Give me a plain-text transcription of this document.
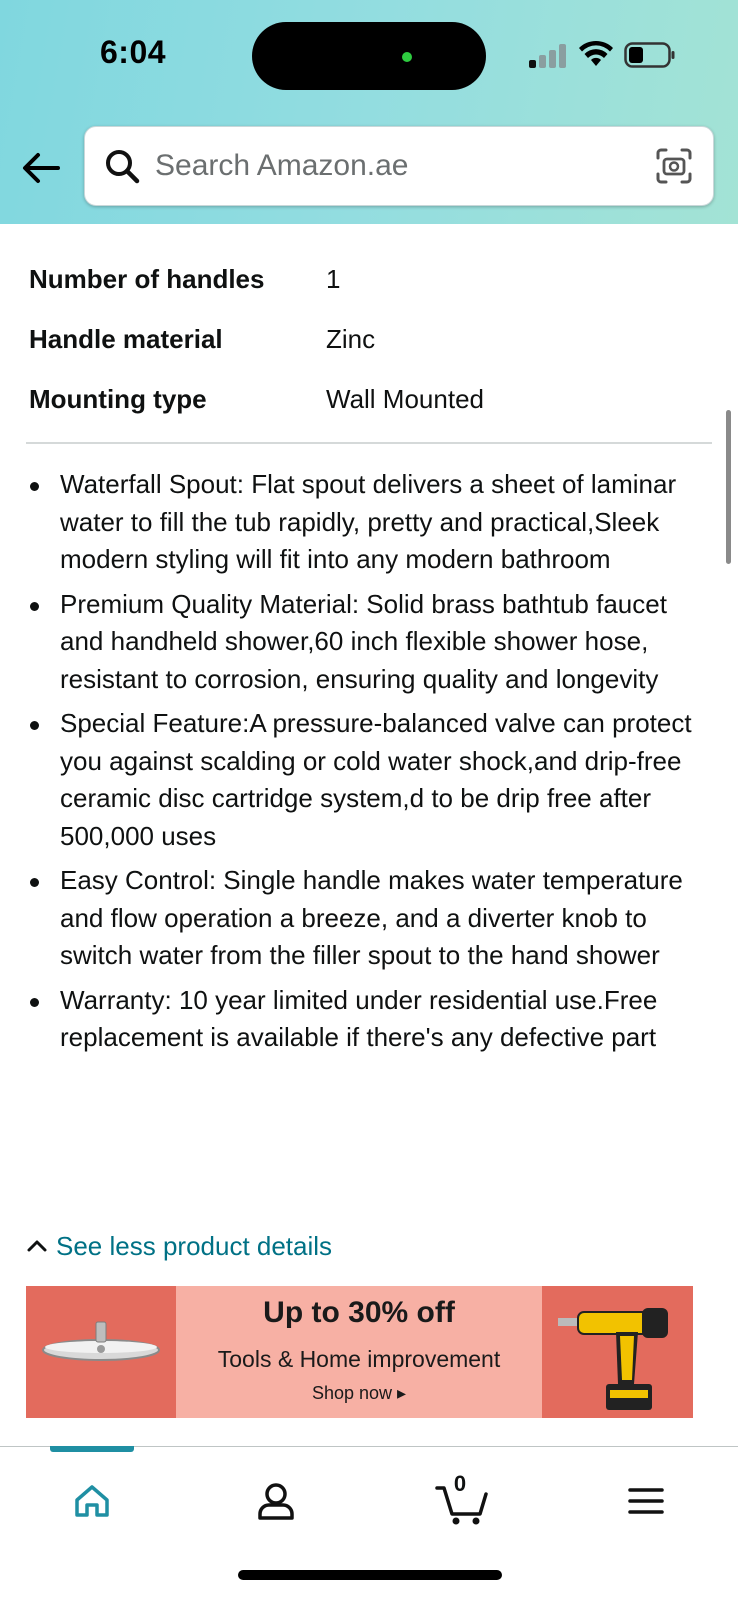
6:04
Search Amazon.ae
Number of handles 1
Handle material	Zinc
Mounting type	Wall Mounted
Waterfall Spout: Flat spout delivers a sheet of laminar water to fill the tub rapidly, pretty and practical,Sleek modern styling will fit into any modern bathroom
Premium Quality Material: Solid brass bathtub faucet and handheld shower,60 inch flexible shower hose, resistant to corrosion, ensuring quality and longevity
Special Feature:A pressure-balanced valve can protect you against scalding or cold water shock,and drip-free ceramic disc cartridge system,d to be drip free after 500,000 uses
Easy Control: Single handle makes water temperature and flow operation a breeze, and a diverter knob to switch water from the filler spout to the hand shower
Warranty: 10 year limited under residential use.Free replacement is available if there's any defective part
See less product details
Up to 30% off
Tools & Home improvement
Shop now ▸
0
